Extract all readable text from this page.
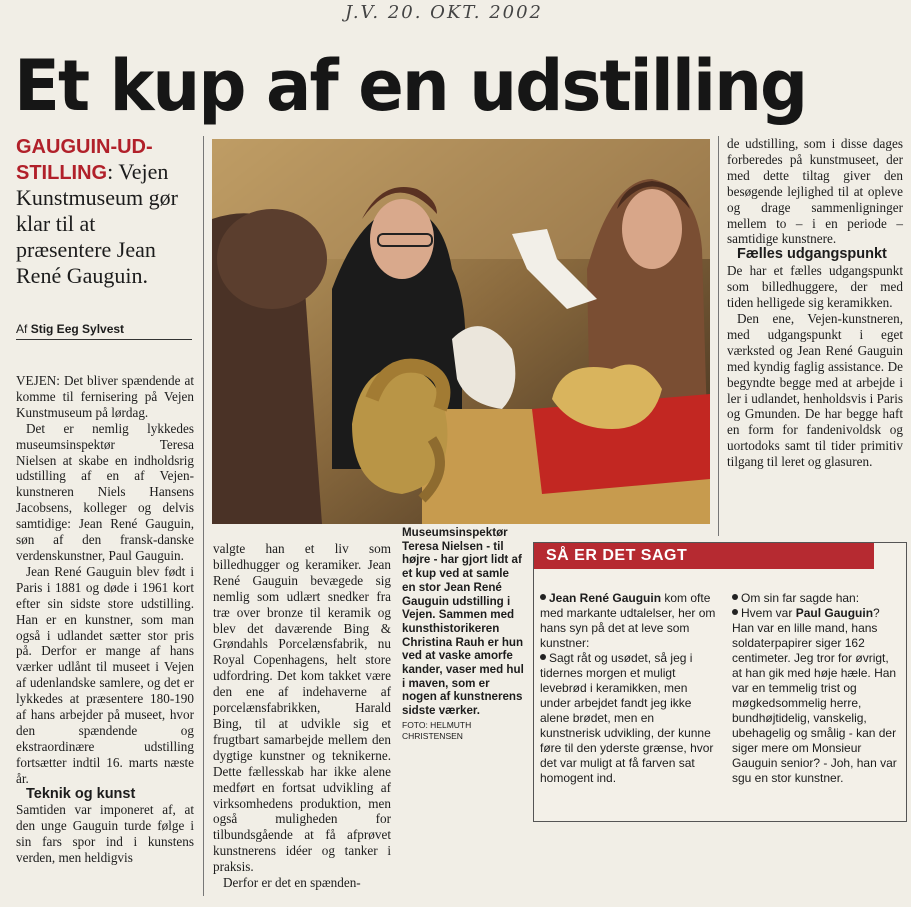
J.V. 20. OKT. 2002
Et kup af en udstilling
GAUGUIN-UD-
STILLING: Vejen Kunstmuseum gør klar til at præsentere Jean René Gauguin.
Af Stig Eeg Sylvest

VEJEN: Det bliver spændende at komme til fernisering på Vejen Kunstmuseum på lørdag.

Det er nemlig lykkedes museumsinspektør Teresa Nielsen at skabe en indholdsrig udstilling af en af Vejen-kunstneren Niels Hansens Jacobsens, kolleger og delvis samtidige: Jean René Gauguin, søn af den fransk-danske verdenskunstner, Paul Gauguin.

Jean René Gauguin blev født i Paris i 1881 og døde i 1961 kort efter sin sidste store udstilling. Han er en kunstner, som man også i udlandet sætter stor pris på. Derfor er mange af hans værker udlånt til museet i Vejen af udenlandske samlere, og det er lykkedes at præsentere 180-190 af hans arbejder på museet, hvor den spændende og ekstraordinære udstilling fortsætter indtil 16. marts næste år.

Teknik og kunst

Samtiden var imponeret af, at den unge Gauguin turde følge i sin fars spor ind i kunstens verden, men heldigvis

Museumsinspektør Teresa Nielsen - til højre - har gjort lidt af et kup ved at samle en stor Jean René Gauguin udstilling i Vejen. Sammen med kunsthistorikeren Christina Rauh er hun ved at vaske amorfe kander, vaser med hul i maven, som er nogen af kunstnerens sidste værker.
FOTO: HELMUTH CHRISTENSEN

valgte han et liv som billedhugger og keramiker. Jean René Gauguin bevægede sig nemlig som udlært snedker fra træ over bronze til keramik og blev det daværende Bing & Grøndahls Porcelænsfabrik, nu Royal Copenhagens, helt store udfordring. Det kom takket være den ene af indehaverne af porcelænsfabrikken, Harald Bing, til at udvikle sig et frugtbart samarbejde mellem den dygtige kunstner og teknikerne. Dette fællesskab har ikke alene medført en fortsat udvikling af virksomhedens produktion, men også muligheden for tilbundsgående at få afprøvet kunstnerens idéer og tanker i praksis.

Derfor er det en spænden-

de udstilling, som i disse dages forberedes på kunstmuseet, der med dette tiltag giver den besøgende lejlighed til at opleve og drage sammenligninger mellem to – i en periode – samtidige kunstnere.

Fælles udgangspunkt

De har et fælles udgangspunkt som billedhuggere, der med tiden helligede sig keramikken.

Den ene, Vejen-kunstneren, med udgangspunkt i eget værksted og Jean René Gauguin med kyndig faglig assistance. De begyndte begge med at arbejde i ler i udlandet, henholdsvis i Paris og Gmunden. De har begge haft en form for fandenivoldsk og uortodoks samt til tider primitiv tilgang til leret og glasuren.

SÅ ER DET SAGT

Jean René Gauguin kom ofte med markante udtalelser, her om hans syn på det at leve som kunstner:

Sagt råt og usødet, så jeg i tidernes morgen et muligt levebrød i keramikken, men under arbejdet fandt jeg ikke alene brødet, men en kunstnerisk udvikling, der kunne føre til den yderste grænse, hvor det var muligt at få farven sat homogent ind.

Om sin far sagde han:

Hvem var Paul Gauguin?

Han var en lille mand, hans soldaterpapirer siger 162 centimeter. Jeg tror for øvrigt, at han gik med høje hæle. Han var en temmelig trist og møgkedsommelig herre, bundhøjtidelig, vanskelig, ubehagelig og smålig - kan der siger mere om Monsieur Gauguin senior? - Joh, han var sgu en stor kunstner.
